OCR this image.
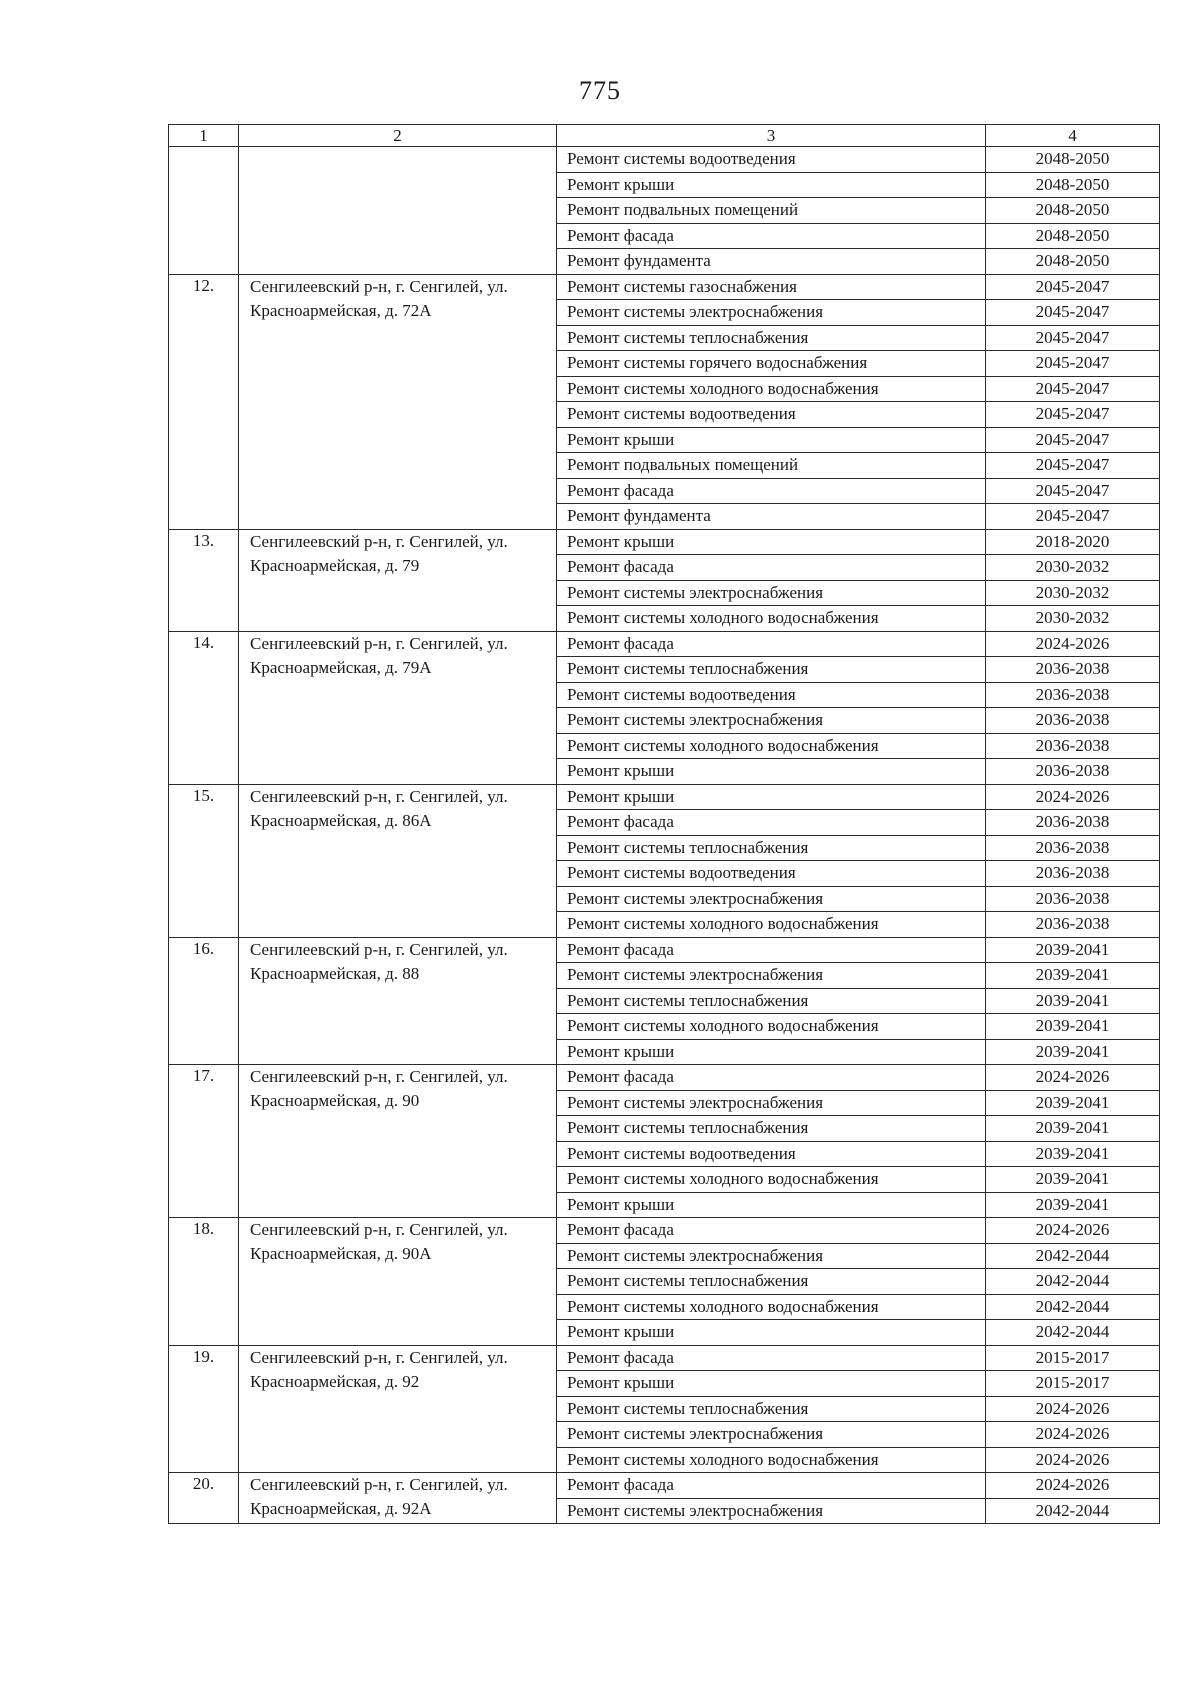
775
1	2	3	4
		Ремонт системы водоотведения	2048-2050
		Ремонт крыши	2048-2050
		Ремонт подвальных помещений	2048-2050
		Ремонт фасада	2048-2050
		Ремонт фундамента	2048-2050
12.	Сенгилеевский р-н, г. Сенгилей, ул. Красноармейская, д. 72А	Ремонт системы газоснабжения	2045-2047
		Ремонт системы электроснабжения	2045-2047
		Ремонт системы теплоснабжения	2045-2047
		Ремонт системы горячего водоснабжения	2045-2047
		Ремонт системы холодного водоснабжения	2045-2047
		Ремонт системы водоотведения	2045-2047
		Ремонт крыши	2045-2047
		Ремонт подвальных помещений	2045-2047
		Ремонт фасада	2045-2047
		Ремонт фундамента	2045-2047
13.	Сенгилеевский р-н, г. Сенгилей, ул. Красноармейская, д. 79	Ремонт крыши	2018-2020
		Ремонт фасада	2030-2032
		Ремонт системы электроснабжения	2030-2032
		Ремонт системы холодного водоснабжения	2030-2032
14.	Сенгилеевский р-н, г. Сенгилей, ул. Красноармейская, д. 79А	Ремонт фасада	2024-2026
		Ремонт системы теплоснабжения	2036-2038
		Ремонт системы водоотведения	2036-2038
		Ремонт системы электроснабжения	2036-2038
		Ремонт системы холодного водоснабжения	2036-2038
		Ремонт крыши	2036-2038
15.	Сенгилеевский р-н, г. Сенгилей, ул. Красноармейская, д. 86А	Ремонт крыши	2024-2026
		Ремонт фасада	2036-2038
		Ремонт системы теплоснабжения	2036-2038
		Ремонт системы водоотведения	2036-2038
		Ремонт системы электроснабжения	2036-2038
		Ремонт системы холодного водоснабжения	2036-2038
16.	Сенгилеевский р-н, г. Сенгилей, ул. Красноармейская, д. 88	Ремонт фасада	2039-2041
		Ремонт системы электроснабжения	2039-2041
		Ремонт системы теплоснабжения	2039-2041
		Ремонт системы холодного водоснабжения	2039-2041
		Ремонт крыши	2039-2041
17.	Сенгилеевский р-н, г. Сенгилей, ул. Красноармейская, д. 90	Ремонт фасада	2024-2026
		Ремонт системы электроснабжения	2039-2041
		Ремонт системы теплоснабжения	2039-2041
		Ремонт системы водоотведения	2039-2041
		Ремонт системы холодного водоснабжения	2039-2041
		Ремонт крыши	2039-2041
18.	Сенгилеевский р-н, г. Сенгилей, ул. Красноармейская, д. 90А	Ремонт фасада	2024-2026
		Ремонт системы электроснабжения	2042-2044
		Ремонт системы теплоснабжения	2042-2044
		Ремонт системы холодного водоснабжения	2042-2044
		Ремонт крыши	2042-2044
19.	Сенгилеевский р-н, г. Сенгилей, ул. Красноармейская, д. 92	Ремонт фасада	2015-2017
		Ремонт крыши	2015-2017
		Ремонт системы теплоснабжения	2024-2026
		Ремонт системы электроснабжения	2024-2026
		Ремонт системы холодного водоснабжения	2024-2026
20.	Сенгилеевский р-н, г. Сенгилей, ул. Красноармейская, д. 92А	Ремонт фасада	2024-2026
		Ремонт системы электроснабжения	2042-2044
